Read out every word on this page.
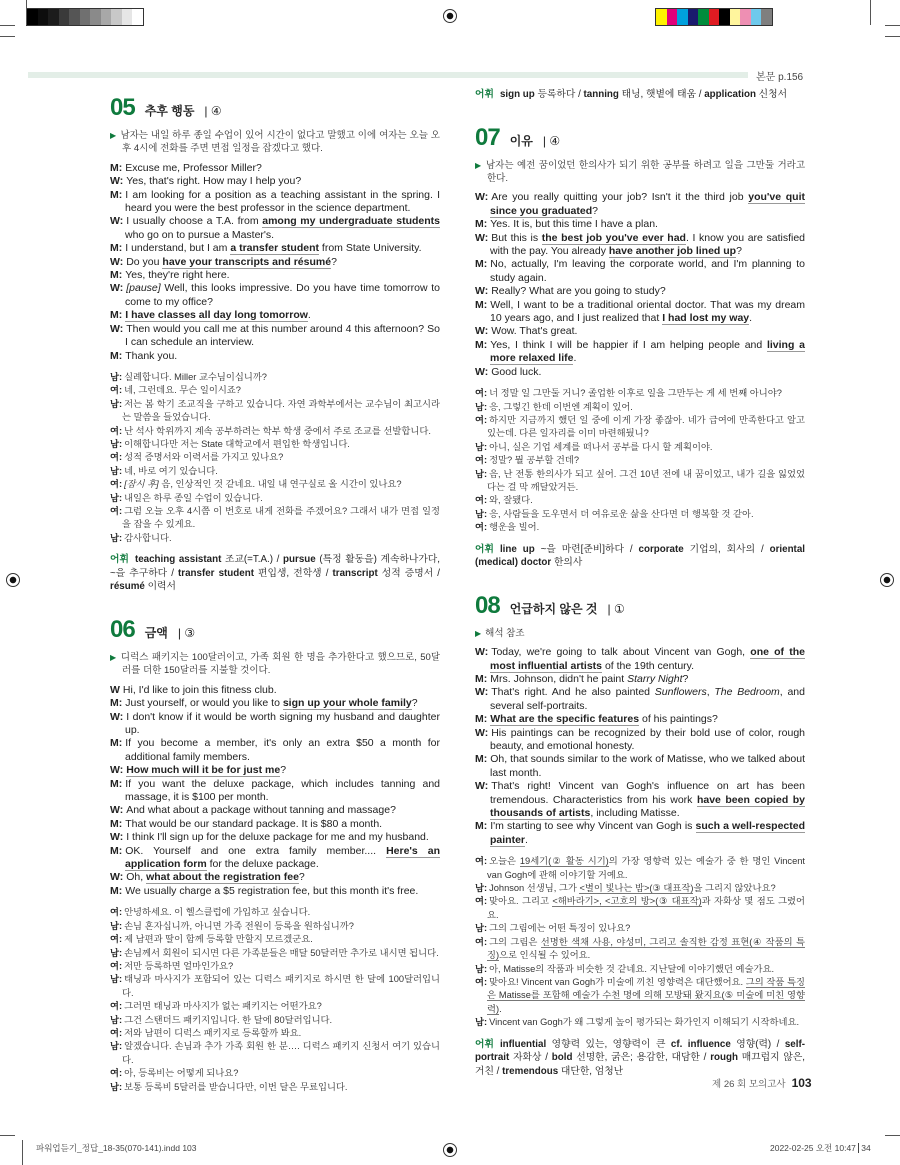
본문 p.156
05 추후 행동 | ④
▶ 남자는 내일 하루 종일 수업이 있어 시간이 없다고 말했고 이에 여자는 오늘 오후 4시에 전화를 주면 면접 일정을 잡겠다고 했다.
M: Excuse me, Professor Miller?
W: Yes, that's right. How may I help you?
M: I am looking for a position as a teaching assistant in the spring. I heard you were the best professor in the science department.
W: I usually choose a T.A. from among my undergraduate students who go on to pursue a Master's.
M: I understand, but I am a transfer student from State University.
W: Do you have your transcripts and résumé?
M: Yes, they're right here.
W: [pause] Well, this looks impressive. Do you have time tomorrow to come to my office?
M: I have classes all day long tomorrow.
W: Then would you call me at this number around 4 this afternoon? So I can schedule an interview.
M: Thank you.
남: 실례합니다. Miller 교수님이십니까?
여: 네, 그런데요. 무슨 일이시죠?
남: 저는 봄 학기 조교직을 구하고 있습니다. 자연 과학부에서는 교수님이 최고시라는 말씀을 들었습니다.
여: 난 석사 학위까지 계속 공부하려는 학부 학생 중에서 주로 조교를 선발합니다.
남: 이해합니다만 저는 State 대학교에서 편입한 학생입니다.
여: 성적 증명서와 이력서를 가지고 있나요?
남: 네, 바로 여기 있습니다.
여: [잠시 후] 음, 인상적인 것 같네요. 내일 내 연구실로 올 시간이 있나요?
남: 내일은 하루 종일 수업이 있습니다.
여: 그럼 오늘 오후 4시쯤 이 번호로 내게 전화를 주겠어요? 그래서 내가 면접 일정을 잡을 수 있게요.
남: 감사합니다.
어휘 teaching assistant 조교(=T.A.) / pursue (특정 활동을) 계속하나가다, ~을 추구하다 / transfer student 편입생, 전학생 / transcript 성적 증명서 / résumé 이력서
06 금액 | ③
▶ 디럭스 패키지는 100달러이고, 가족 회원 한 명을 추가한다고 했으므로, 50달러를 더한 150달러를 지불할 것이다.
W Hi, I'd like to join this fitness club.
M: Just yourself, or would you like to sign up your whole family?
W: I don't know if it would be worth signing my husband and daughter up.
M: If you become a member, it's only an extra $50 a month for additional family members.
W: How much will it be for just me?
M: If you want the deluxe package, which includes tanning and massage, it is $100 per month.
W: And what about a package without tanning and massage?
M: That would be our standard package. It is $80 a month.
W: I think I'll sign up for the deluxe package for me and my husband.
M: OK. Yourself and one extra family member.... Here's an application form for the deluxe package.
W: Oh, what about the registration fee?
M: We usually charge a $5 registration fee, but this month it's free.
여: 안녕하세요. 이 헬스클럽에 가입하고 싶습니다.
남: 손님 혼자십니까, 아니면 가족 전원이 등록을 원하십니까?
여: 제 남편과 딸이 함께 등록할 만할지 모르겠군요.
남: 손님께서 회원이 되시면 다른 가족분들은 매달 50달러만 추가로 내시면 됩니다.
여: 저만 등록하면 얼마인가요?
남: 태닝과 마사지가 포함되어 있는 디럭스 패키지로 하시면 한 달에 100달러입니다.
여: 그러면 태닝과 마사지가 없는 패키지는 어떤가요?
남: 그건 스탠더드 패키지입니다. 한 달에 80달러입니다.
여: 저와 남편이 디럭스 패키지로 등록할까 봐요.
남: 알겠습니다. 손님과 추가 가족 회원 한 분…. 디럭스 패키지 신청서 여기 있습니다.
여: 아, 등록비는 어떻게 되나요?
남: 보통 등록비 5달러를 받습니다만, 이번 달은 무료입니다.
어휘 sign up 등록하다 / tanning 태닝, 햇볕에 태움 / application 신청서
07 이유 | ④
▶ 남자는 예전 꿈이었던 한의사가 되기 위한 공부를 하려고 일을 그만둘 거라고 한다.
W: Are you really quitting your job? Isn't it the third job you've quit since you graduated?
M: Yes. It is, but this time I have a plan.
W: But this is the best job you've ever had. I know you are satisfied with the pay. You already have another job lined up?
M: No, actually, I'm leaving the corporate world, and I'm planning to study again.
W: Really? What are you going to study?
M: Well, I want to be a traditional oriental doctor. That was my dream 10 years ago, and I just realized that I had lost my way.
W: Wow. That's great.
M: Yes, I think I will be happier if I am helping people and living a more relaxed life.
W: Good luck.
여: 너 정말 일 그만둘 거니? 졸업한 이후로 일을 그만두는 게 세 번째 아니야?
남: 응, 그렇긴 한데 이번엔 계획이 있어.
여: 하지만 지금까지 했던 일 중에 이게 가장 좋잖아. 네가 급여에 만족한다고 알고 있는데. 다른 일자리를 이미 마련해뒀니?
남: 아니, 실은 기업 세계를 떠나서 공부를 다시 할 계획이야.
여: 정말? 뭘 공부할 건데?
남: 음, 난 전통 한의사가 되고 싶어. 그건 10년 전에 내 꿈이었고, 내가 길을 잃었었다는 걸 막 깨달았거든.
여: 와, 잘됐다.
남: 응, 사람들을 도우면서 더 여유로운 삶을 산다면 더 행복할 것 같아.
여: 행운을 빌어.
어휘 line up ~을 마련[준비]하다 / corporate 기업의, 회사의 / oriental (medical) doctor 한의사
08 언급하지 않은 것 | ①
▶ 해석 참조
W: Today, we're going to talk about Vincent van Gogh, one of the most influential artists of the 19th century.
M: Mrs. Johnson, didn't he paint Starry Night?
W: That's right. And he also painted Sunflowers, The Bedroom, and several self-portraits.
M: What are the specific features of his paintings?
W: His paintings can be recognized by their bold use of color, rough beauty, and emotional honesty.
M: Oh, that sounds similar to the work of Matisse, who we talked about last month.
W: That's right! Vincent van Gogh's influence on art has been tremendous. Characteristics from his work have been copied by thousands of artists, including Matisse.
M: I'm starting to see why Vincent van Gogh is such a well-respected painter.
여: 오늘은 19세기(② 활동 시기)의 가장 영향력 있는 예술가 중 한 명인 Vincent van Gogh에 관해 이야기할 거예요.
남: Johnson 선생님, 그가 <별이 빛나는 밤>(③ 대표작)을 그리지 않았나요?
여: 맞아요. 그리고 <해바라기>, <고흐의 방>(③ 대표작)과 자화상 몇 점도 그렸어요.
남: 그의 그림에는 어떤 특징이 있나요?
여: 그의 그림은 선명한 색채 사용, 야성미, 그리고 솔직한 감정 표현(④ 작품의 특징)으로 인식될 수 있어요.
남: 아, Matisse의 작품과 비슷한 것 같네요. 지난달에 이야기했던 예술가요.
여: 맞아요! Vincent van Gogh가 미술에 끼친 영향력은 대단했어요. 그의 작품 특징은 Matisse를 포함해 예술가 수천 명에 의해 모방돼 왔지요(⑤ 미술에 미친 영향력).
남: Vincent van Gogh가 왜 그렇게 높이 평가되는 화가인지 이해되기 시작하네요.
어휘 influential 영향력 있는, 영향력이 큰 cf. influence 영향(력) / self-portrait 자화상 / bold 선명한, 굵은; 용감한, 대담한 / rough 매끄럽지 않은, 거친 / tremendous 대단한, 엄청난
제 26 회 모의고사 103
파워업듣기_정답_18-35(070-141).indd 103	2022-02-25 오전 10:47 34
